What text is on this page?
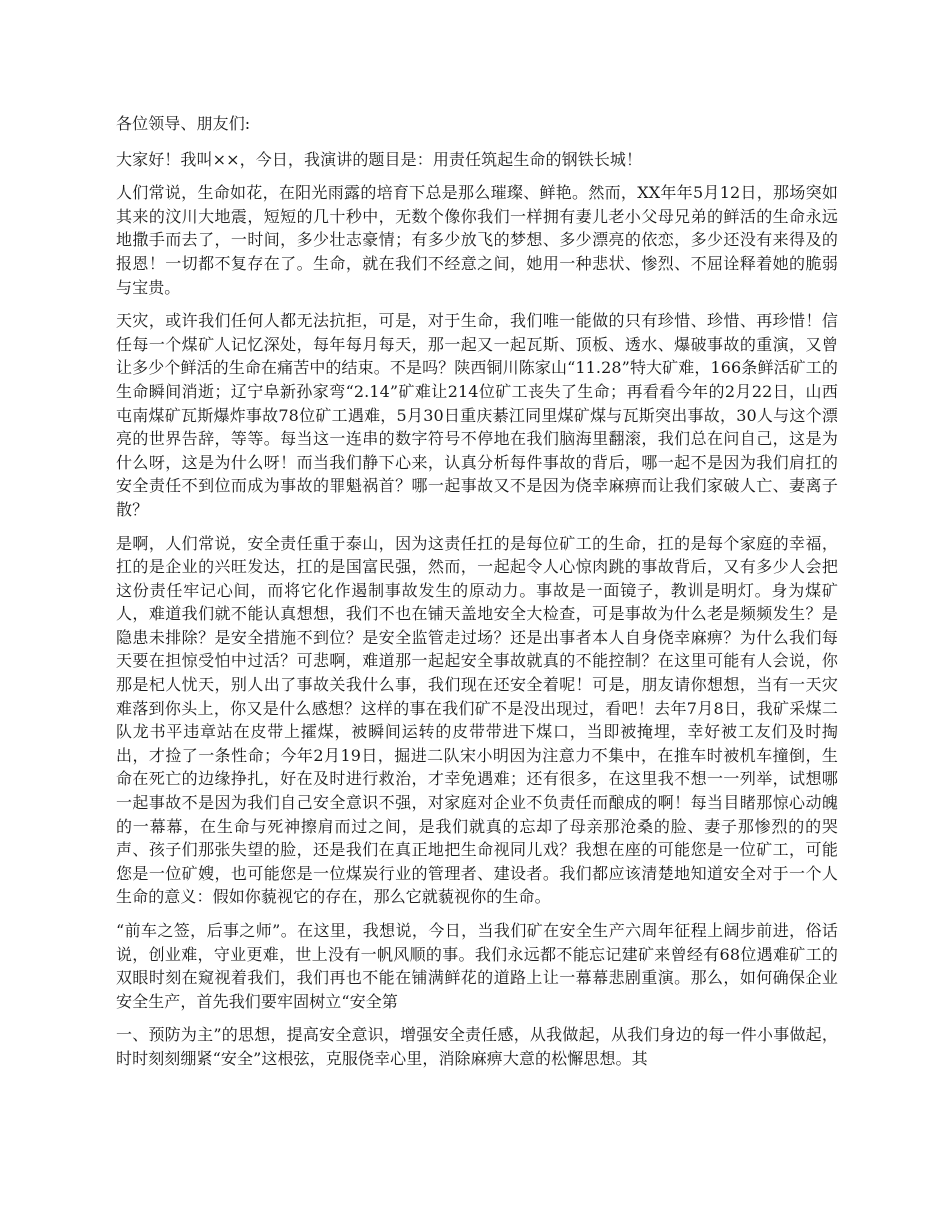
各位领导、朋友们:

大家好！我叫××，今日，我演讲的题目是：用责任筑起生命的钢铁长城！

人们常说，生命如花，在阳光雨露的培育下总是那么璀璨、鲜艳。然而，XX年年5月12日，那场突如其来的汶川大地震，短短的几十秒中，无数个像你我们一样拥有妻儿老小父母兄弟的鲜活的生命永远地撒手而去了，一时间，多少壮志豪情；有多少放飞的梦想、多少漂亮的依恋，多少还没有来得及的报恩！一切都不复存在了。生命，就在我们不经意之间，她用一种悲状、惨烈、不屈诠释着她的脆弱与宝贵。

天灾，或许我们任何人都无法抗拒，可是，对于生命，我们唯一能做的只有珍惜、珍惜、再珍惜！信任每一个煤矿人记忆深处，每年每月每天，那一起又一起瓦斯、顶板、透水、爆破事故的重演，又曾让多少个鲜活的生命在痛苦中的结束。不是吗？陕西铜川陈家山“11.28”特大矿难，166条鲜活矿工的生命瞬间消逝；辽宁阜新孙家弯“2.14”矿难让214位矿工丧失了生命；再看看今年的2月22日，山西屯南煤矿瓦斯爆炸事故78位矿工遇难，5月30日重庆綦江同里煤矿煤与瓦斯突出事故，30人与这个漂亮的世界告辞，等等。每当这一连串的数字符号不停地在我们脑海里翻滚，我们总在问自己，这是为什么呀，这是为什么呀！而当我们静下心来，认真分析每件事故的背后，哪一起不是因为我们肩扛的安全责任不到位而成为事故的罪魁祸首？哪一起事故又不是因为侥幸麻痹而让我们家破人亡、妻离子散？

是啊，人们常说，安全责任重于泰山，因为这责任扛的是每位矿工的生命，扛的是每个家庭的幸福，扛的是企业的兴旺发达，扛的是国富民强，然而，一起起令人心惊肉跳的事故背后，又有多少人会把这份责任牢记心间，而将它化作遏制事故发生的原动力。事故是一面镜子，教训是明灯。身为煤矿人，难道我们就不能认真想想，我们不也在铺天盖地安全大检查，可是事故为什么老是频频发生？是隐患未排除？是安全措施不到位？是安全监管走过场？还是出事者本人自身侥幸麻痹？为什么我们每天要在担惊受怕中过活？可悲啊，难道那一起起安全事故就真的不能控制？在这里可能有人会说，你那是杞人忧天，别人出了事故关我什么事，我们现在还安全着呢！可是，朋友请你想想，当有一天灾难落到你头上，你又是什么感想？这样的事在我们矿不是没出现过，看吧！去年7月8日，我矿采煤二队龙书平违章站在皮带上攉煤，被瞬间运转的皮带带进下煤口，当即被掩埋，幸好被工友们及时掏出，才捡了一条性命；今年2月19日，掘进二队宋小明因为注意力不集中，在推车时被机车撞倒，生命在死亡的边缘挣扎，好在及时进行救治，才幸免遇难；还有很多，在这里我不想一一列举，试想哪一起事故不是因为我们自己安全意识不强，对家庭对企业不负责任而酿成的啊！每当目睹那惊心动魄的一幕幕，在生命与死神擦肩而过之间，是我们就真的忘却了母亲那沧桑的脸、妻子那惨烈的的哭声、孩子们那张失望的脸，还是我们在真正地把生命视同儿戏？我想在座的可能您是一位矿工，可能您是一位矿嫂，也可能您是一位煤炭行业的管理者、建设者。我们都应该清楚地知道安全对于一个人生命的意义：假如你藐视它的存在，那么它就藐视你的生命。

“前车之签，后事之师”。在这里，我想说，今日，当我们矿在安全生产六周年征程上阔步前进，俗话说，创业难，守业更难，世上没有一帆风顺的事。我们永远都不能忘记建矿来曾经有68位遇难矿工的双眼时刻在窥视着我们，我们再也不能在铺满鲜花的道路上让一幕幕悲剧重演。那么，如何确保企业安全生产，首先我们要牢固树立“安全第

一、预防为主”的思想，提高安全意识，增强安全责任感，从我做起，从我们身边的每一件小事做起，时时刻刻绷紧“安全”这根弦，克服侥幸心里，消除麻痹大意的松懈思想。其
